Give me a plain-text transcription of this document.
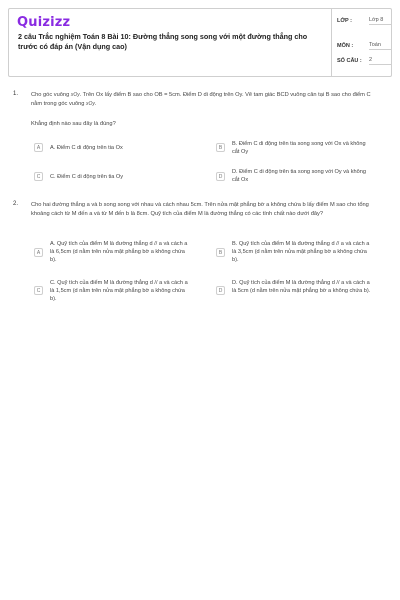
Quizizz
2 câu Trắc nghiệm Toán 8 Bài 10: Đường thẳng song song với một đường thẳng cho trước có đáp án (Vận dụng cao)
LỚP :	Lớp 8
MÔN :	Toán
SỐ CÂU : 2
1. Cho góc vuông xOy. Trên Ox lấy điểm B sao cho OB = 5cm. Điểm D di động trên Oy. Vẽ tam giác BCD vuông cân tại B sao cho điểm C nằm trong góc vuông xOy.
Khẳng định nào sau đây là đúng?
A	A. Điểm C di động trên tia Ox	B
B. Điểm C di động trên tia song song với Ox và không cắt Oy
C	C. Điểm C di động trên tia Oy	D
D. Điểm C di động trên tia song song với Oy và không cắt Ox
2. Cho hai đường thẳng a và b song song với nhau và cách nhau 5cm. Trên nửa mặt phẳng bờ a không chứa b lấy điểm M sao cho tổng khoảng cách từ M đến a và từ M đến b là 8cm. Quỹ tích của điểm M là đường thẳng có các tính chất nào dưới đây?
A
A. Quỹ tích của điểm M là đường thẳng d // a và cách a là 6,5cm (d nằm trên nửa mặt phẳng bờ a không chứa b).
B
B. Quỹ tích của điểm M là đường thẳng d // a và cách a là 3,5cm (d nằm trên nửa mặt phẳng bờ a không chứa b).
C
C. Quỹ tích của điểm M là đường thẳng d // a và cách a là 1,5cm (d nằm trên nửa mặt phẳng bờ a không chứa b).
D
D. Quỹ tích của điểm M là đường thẳng d // a và cách a là 5cm (d nằm trên nửa mặt phẳng bờ a không chứa b).
